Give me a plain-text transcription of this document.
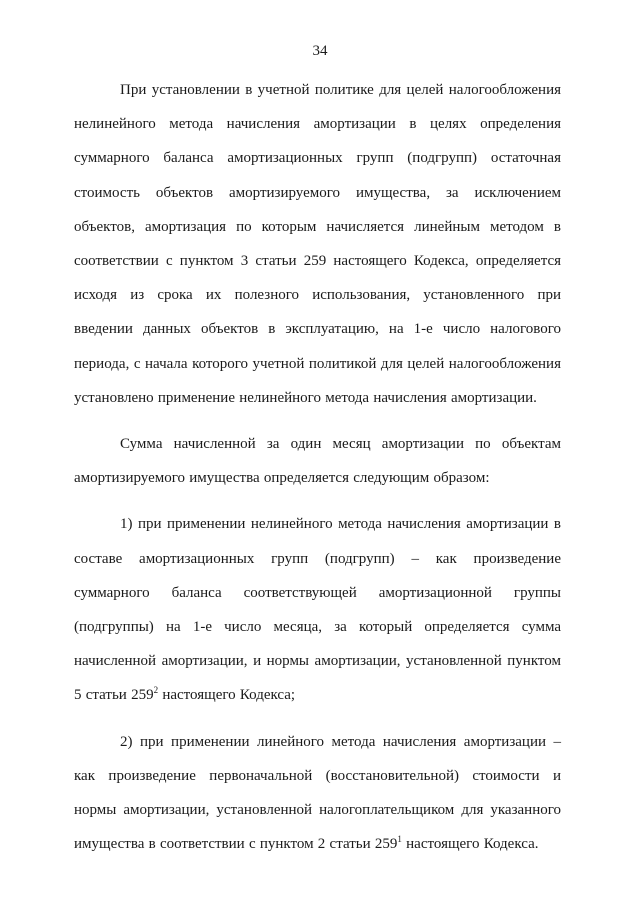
34

При установлении в учетной политике для целей налогообложения нелинейного метода начисления амортизации в целях определения суммарного баланса амортизационных групп (подгрупп) остаточная стоимость объектов амортизируемого имущества, за исключением объектов, амортизация по которым начисляется линейным методом в соответствии с пунктом 3 статьи 259 настоящего Кодекса, определяется исходя из срока их полезного использования, установленного при введении данных объектов в эксплуатацию, на 1-е число налогового периода, с начала которого учетной политикой для целей налогообложения установлено применение нелинейного метода начисления амортизации.

Сумма начисленной за один месяц амортизации по объектам амортизируемого имущества определяется следующим образом:

1) при применении нелинейного метода начисления амортизации в составе амортизационных групп (подгрупп) – как произведение суммарного баланса соответствующей амортизационной группы (подгруппы) на 1-е число месяца, за который определяется сумма начисленной амортизации, и нормы амортизации, установленной пунктом 5 статьи $259^2$ настоящего Кодекса;

2) при применении линейного метода начисления амортизации – как произведение первоначальной (восстановительной) стоимости и нормы амортизации, установленной налогоплательщиком для указанного имущества в соответствии с пунктом 2 статьи $259^1$ настоящего Кодекса.
